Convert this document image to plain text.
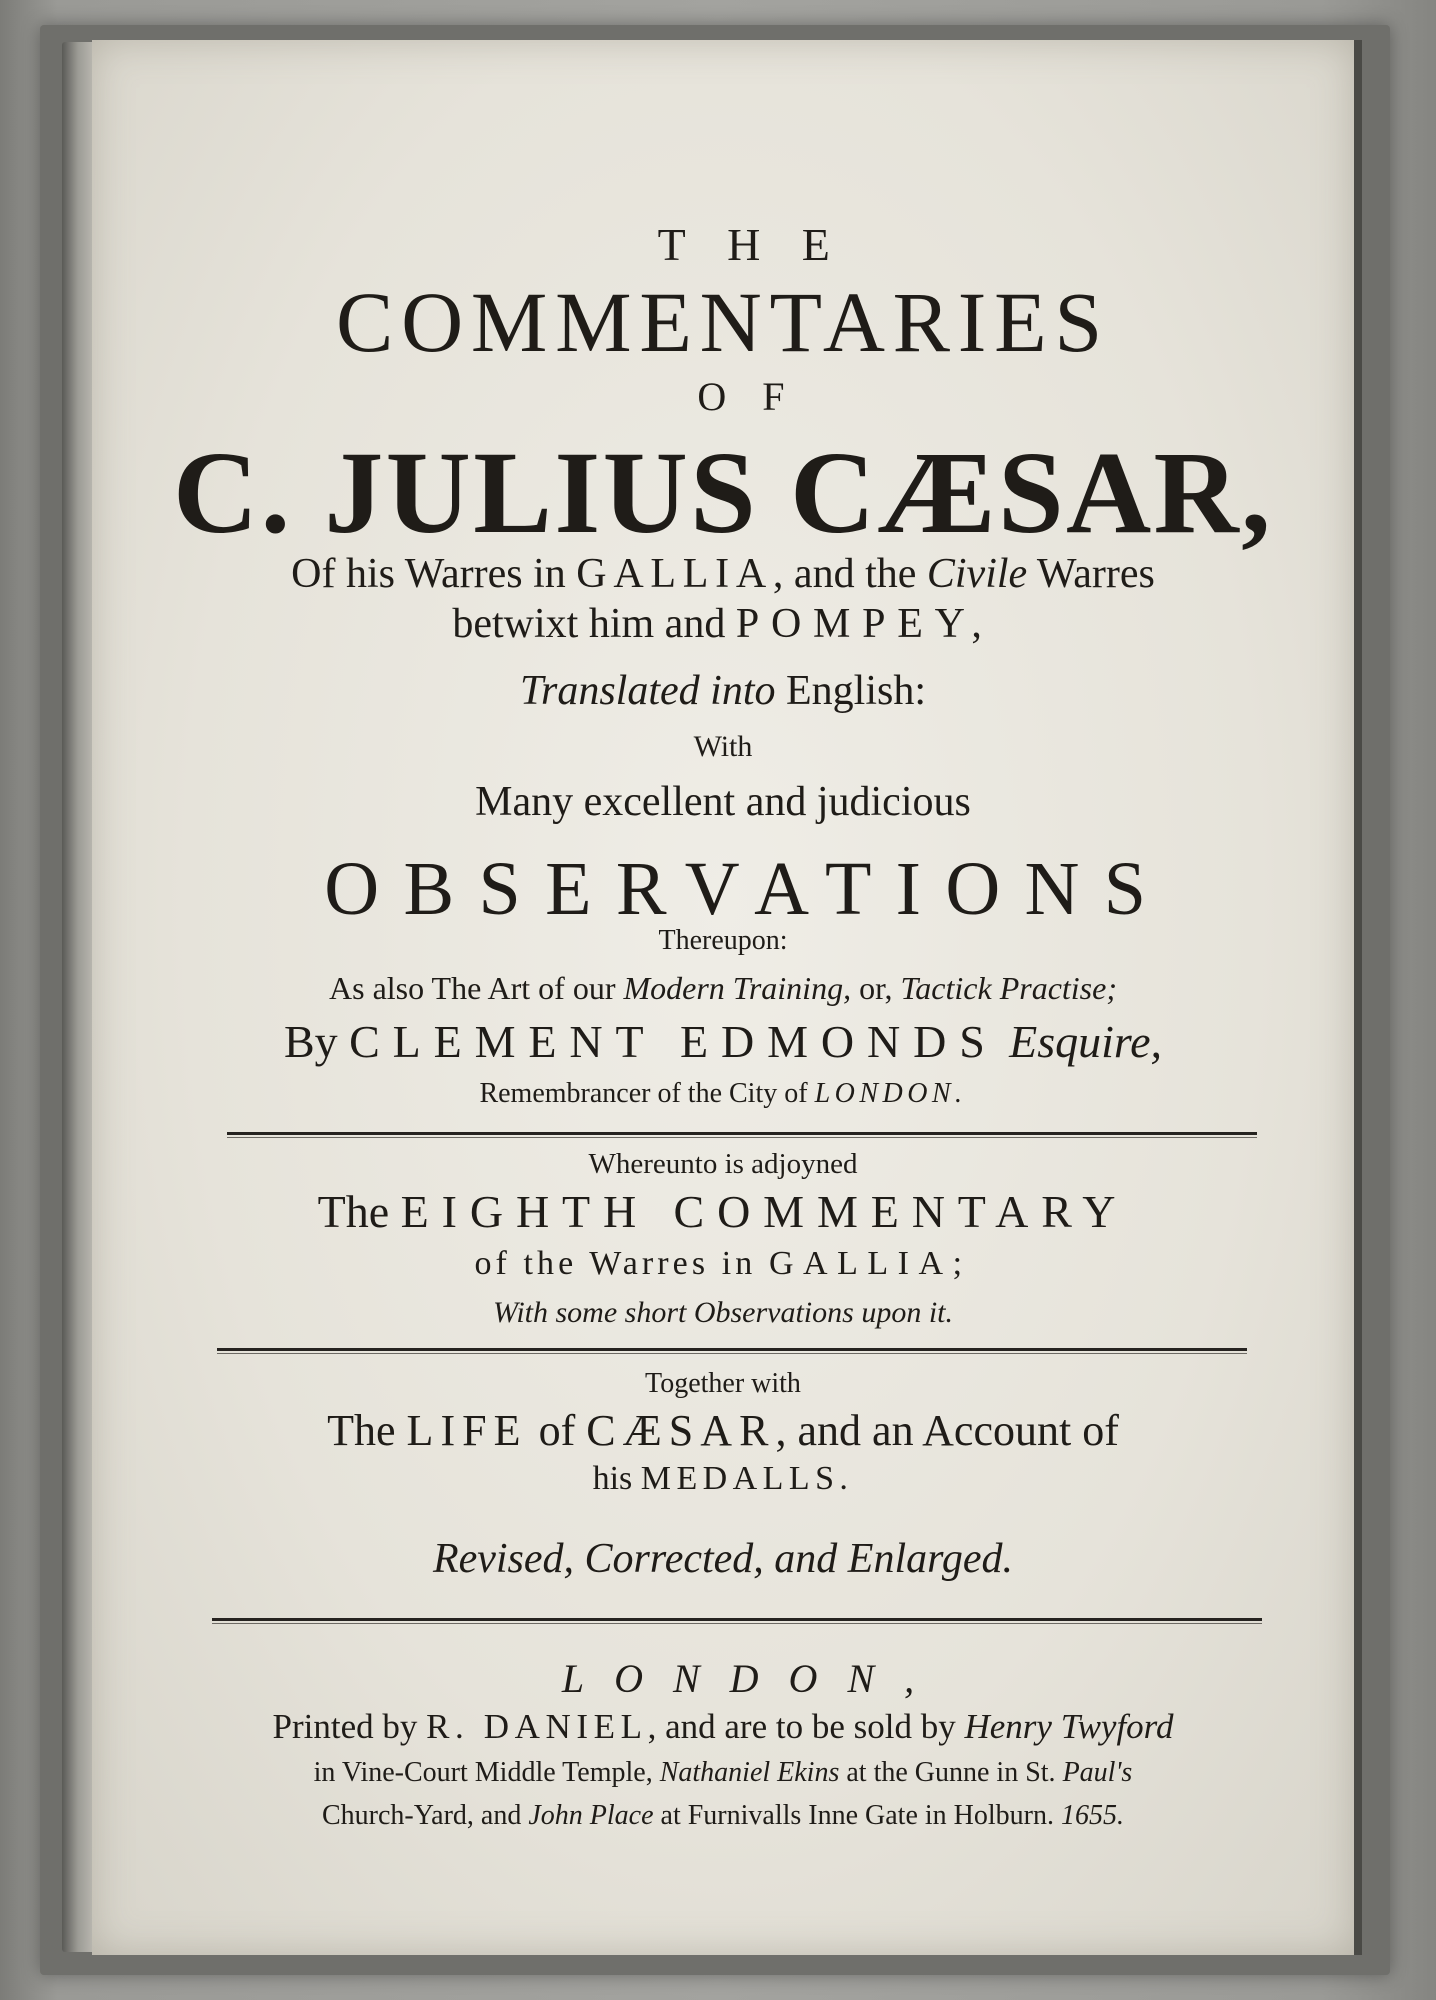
THE
COMMENTARIES
OF
C. JULIUS CÆSAR,
Of his Warres in GALLIA, and the Civile Warres
betwixt him and POMPEY,
Translated into English:
With
Many excellent and judicious
OBSERVATIONS
Thereupon:
As also The Art of our Modern Training, or, Tactick Practise;
By CLEMENT EDMONDS Esquire,
Remembrancer of the City of LONDON.
Whereunto is adjoyned
The EIGHTH COMMENTARY
of the Warres in GALLIA;
With some short Observations upon it.
Together with
The LIFE of CÆSAR, and an Account of
his MEDALLS.
Revised, Corrected, and Enlarged.
LONDON,
Printed by R. DANIEL, and are to be sold by Henry Twyford
in Vine-Court Middle Temple, Nathaniel Ekins at the Gunne in St. Paul's
Church-Yard, and John Place at Furnivalls Inne Gate in Holburn. 1655.
